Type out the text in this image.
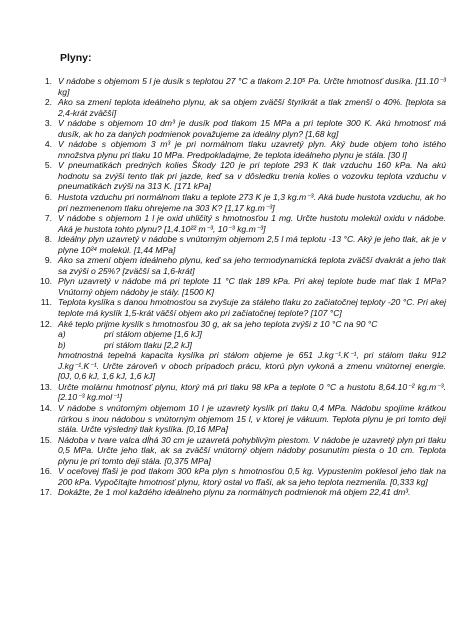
Plyny:
1. V nádobe s objemom 5 l je dusík s teplotou 27 °C a tlakom 2.10⁵ Pa. Určte hmotnosť dusíka. [11.10⁻³ kg]
2. Ako sa zmení teplota ideálneho plynu, ak sa objem zväčší štyrikrát a tlak zmenší o 40%. [teplota sa 2,4-krát zväčší]
3. V nádobe s objemom 10 dm³ je dusík pod tlakom 15 MPa a pri teplote 300 K. Akú hmotnosť má dusík, ak ho za daných podmienok považujeme za ideálny plyn? [1,68 kg]
4. V nádobe s objemom 3 m³ je pri normálnom tlaku uzavretý plyn. Aký bude objem toho istého množstva plynu pri tlaku 10 MPa. Predpokladajme, že teplota ideálneho plynu je stála. [30 l]
5. V pneumatikách predných kolies Škody 120 je pri teplote 293 K tlak vzduchu 160 kPa. Na akú hodnotu sa zvýši tento tlak pri jazde, keď sa v dôsledku trenia kolies o vozovku teplota vzduchu v pneumatikách zvýši na 313 K. [171 kPa]
6. Hustota vzduchu pri normálnom tlaku a teplote 273 K je 1,3 kg.m⁻³. Aká bude hustota vzduchu, ak ho pri nezmenenom tlaku ohrejeme na 303 K? [1,17 kg.m⁻³]
7. V nádobe s objemom 1 l je oxid uhličitý s hmotnosťou 1 mg. Určte hustotu molekúl oxidu v nádobe. Aká je hustota tohto plynu? [1,4.10²² m⁻³, 10⁻³ kg.m⁻³]
8. Ideálny plyn uzavretý v nádobe s vnútorným objemom 2,5 l má teplotu -13 °C. Aký je jeho tlak, ak je v plyne 10²⁴ molekúl. [1,44 MPa]
9. Ako sa zmení objem ideálneho plynu, keď sa jeho termodynamická teplota zväčší dvakrát a jeho tlak sa zvýši o 25%? [zväčší sa 1,6-krát]
10. Plyn uzavretý v nádobe má pri teplote 11 °C tlak 189 kPa. Pri akej teplote bude mať tlak 1 MPa? Vnútorný objem nádoby je stály. [1500 K]
11. Teplota kyslíka s danou hmotnosťou sa zvyšuje za stáleho tlaku zo začiatočnej teploty -20 °C. Pri akej teplote má kyslík 1,5-krát väčší objem ako pri začiatočnej teplote? [107 °C]
12. Aké teplo prijme kyslík s hmotnosťou 30 g, ak sa jeho teplota zvýši z 10 °C na 90 °C
a)	pri stálom objeme [1,6 kJ]
b)	pri stálom tlaku [2,2 kJ]
hmotnostná tepelná kapacita kyslíka pri stálom objeme je 651 J.kg⁻¹.K⁻¹, pri stálom tlaku 912 J.kg⁻¹.K⁻¹. Určte zároveň v oboch prípadoch prácu, ktorú plyn vykoná a zmenu vnútornej energie. [0J, 0,6 kJ, 1,6 kJ, 1,6 kJ]
13. Určte molárnu hmotnosť plynu, ktorý má pri tlaku 98 kPa a teplote 0 °C a hustotu 8,64.10⁻² kg.m⁻³. [2.10⁻³ kg.mol⁻¹]
14. V nádobe s vnútorným objemom 10 l je uzavretý kyslík pri tlaku 0,4 MPa. Nádobu spojíme krátkou rúrkou s inou nádobou s vnútorným objemom 15 l, v ktorej je vákuum. Teplota plynu je pri tomto deji stála. Určte výsledný tlak kyslíka. [0,16 MPa]
15. Nádoba v tvare valca dĺhá 30 cm je uzavretá pohyblivým piestom. V nádobe je uzavretý plyn pri tlaku 0,5 MPa. Určte jeho tlak, ak sa zväčší vnútorný objem nádoby posunutím piesta o 10 cm. Teplota plynu je pri tomto deji stála. [0,375 MPa]
16. V oceľovej fľaši je pod tlakom 300 kPa plyn s hmotnosťou 0,5 kg. Vypustením poklesol jeho tlak na 200 kPa. Vypočítajte hmotnosť plynu, ktorý ostal vo fľaši, ak sa jeho teplota nezmenila. [0,333 kg]
17. Dokážte, že 1 mol každého ideálneho plynu za normálnych podmienok má objem 22,41 dm³.
